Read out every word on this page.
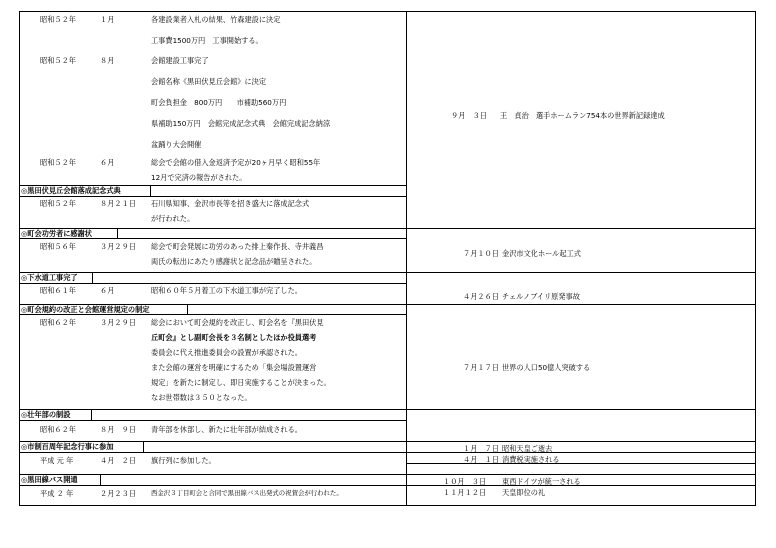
昭和５２年	１月	各建設業者入札の結果、竹森建設に決定
工事費1500万円　工事開始する。
昭和５２年	８月	会館建設工事完了
会館名称《黒田伏見丘会館》に決定
町会負担金　800万円　　市補助560万円
県補助150万円　会館完成記念式典　会館完成記念納涼
盆踊り大会開催
昭和５２年	６月	総会で会館の借入金返済予定が20ヶ月早く昭和55年
12月で完済の報告がされた。
◎黒田伏見丘会館落成記念式典
昭和５２年	８月２１日 石川県知事、金沢市長等を招き盛大に落成記念式
が行われた。
◎町会功労者に感謝状
昭和５６年	３月２９日 総会で町会発展に功労のあった排上秦作長、寺井義昌
両氏の転出にあたり感謝状と記念品が贈呈された。
◎下水道工事完了
昭和６１年	６月	昭和６０年５月着工の下水道工事が完了した。
◎町会規約の改正と会館運営規定の制定
昭和６２年	３月２９日 総会において町会規約を改正し、町会名を『黒田伏見
丘町会』とし副町会長を３名制としたほか役員選考
委員会に代え推進委員会の設置が承認された。
また会館の運営を明確にするため「集会場設置運営
規定」を新たに制定し、即日実施することが決まった。
なお世帯数は３５０となった。
◎壮年部の制設
昭和６２年	８月　９日 青年部を休部し、新たに壮年部が結成される。
◎市制百周年記念行事に参加
平成 元 年	４月　２日 旗行列に参加した。
◎黒田線バス開通
平成 ２ 年	２月２３日 西金沢３丁目町会と合同で黒田線バス出発式の祝賀会が行われた。
９月　３日 王　貞治　選手ホームラン754本の世界新記録達成
７月１０日 金沢市文化ホール起工式
４月２６日 チェルノブイリ原発事故
７月１７日 世界の人口50億人突破する
１月　７日 昭和天皇ご逝去
４月　１日 消費税実施される
１０月　３日 東西ドイツが統一される
１１月１２日 天皇即位の礼
